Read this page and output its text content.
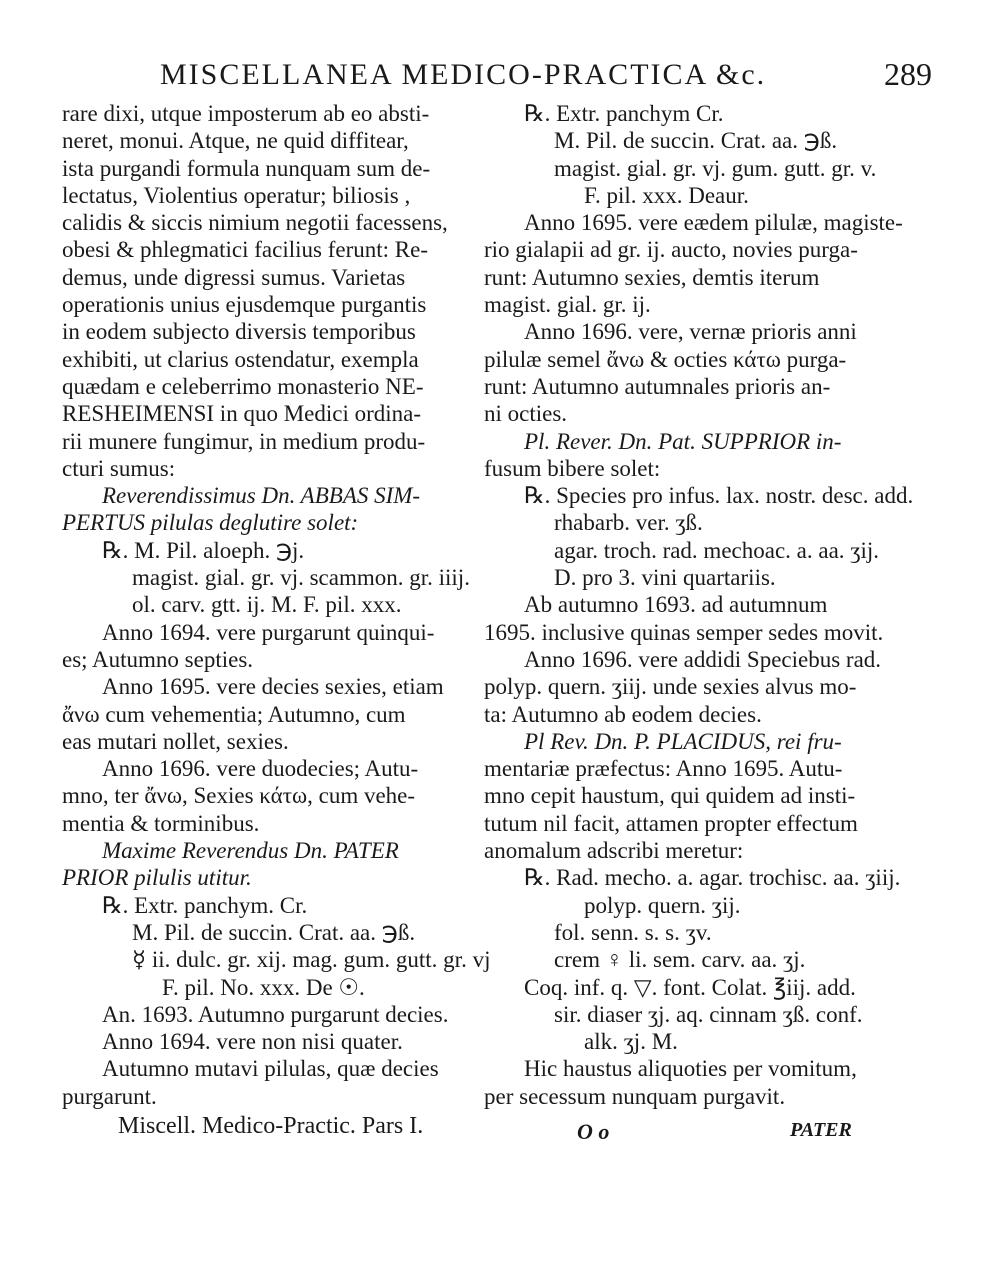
MISCELLANEA MEDICO-PRACTICA &c.	289
rare dixi, utque imposterum ab eo absti-
neret, monui. Atque, ne quid diffitear,
ista purgandi formula nunquam sum de-
lectatus, Violentius operatur; biliosis ,
calidis & siccis nimium negotii facessens,
obesi & phlegmatici facilius ferunt: Re-
demus, unde digressi sumus. Varietas
operationis unius ejusdemque purgantis
in eodem subjecto diversis temporibus
exhibiti, ut clarius ostendatur, exempla
quædam e celeberrimo monasterio NE-
RESHEIMENSI in quo Medici ordina-
rii munere fungimur, in medium produ-
cturi sumus:
Reverendissimus Dn. ABBAS SIM-
PERTUS pilulas deglutire solet:
℞. M. Pil. aloeph. ℈j.
magist. gial. gr. vj. scammon. gr. iiij.
ol. carv. gtt. ij. M. F. pil. xxx.
Anno 1694. vere purgarunt quinqui-
es; Autumno septies.
Anno 1695. vere decies sexies, etiam
ἄνω cum vehementia; Autumno, cum
eas mutari nollet, sexies.
Anno 1696. vere duodecies; Autu-
mno, ter ἄνω, Sexies κάτω, cum vehe-
mentia & torminibus.
Maxime Reverendus Dn. PATER
PRIOR pilulis utitur.
℞. Extr. panchym. Cr.
M. Pil. de succin. Crat. aa. ℈ß.
☿ ii. dulc. gr. xij. mag. gum. gutt. gr. vj
F. pil. No. xxx. De ☉.
An. 1693. Autumno purgarunt decies.
Anno 1694. vere non nisi quater.
Autumno mutavi pilulas, quæ decies
purgarunt.
℞. Extr. panchym Cr.
M. Pil. de succin. Crat. aa. ℈ß.
magist. gial. gr. vj. gum. gutt. gr. v.
F. pil. xxx. Deaur.
Anno 1695. vere eædem pilulæ, magiste-
rio gialapii ad gr. ij. aucto, novies purga-
runt: Autumno sexies, demtis iterum
magist. gial. gr. ij.
Anno 1696. vere, vernæ prioris anni
pilulæ semel ἄνω & octies κάτω purga-
runt: Autumno autumnales prioris an-
ni octies.
Pl. Rever. Dn. Pat. SUPPRIOR in-
fusum bibere solet:
℞. Species pro infus. lax. nostr. desc. add.
rhabarb. ver. ʒß.
agar. troch. rad. mechoac. a. aa. ʒij.
D. pro 3. vini quartariis.
Ab autumno 1693. ad autumnum
1695. inclusive quinas semper sedes movit.
Anno 1696. vere addidi Speciebus rad.
polyp. quern. ʒiij. unde sexies alvus mo-
ta: Autumno ab eodem decies.
Pl Rev. Dn. P. PLACIDUS, rei fru-
mentariæ præfectus: Anno 1695. Autu-
mno cepit haustum, qui quidem ad insti-
tutum nil facit, attamen propter effectum
anomalum adscribi meretur:
℞. Rad. mecho. a. agar. trochisc. aa. ʒiij.
polyp. quern. ʒij.
fol. senn. s. s. ʒv.
crem ♀ li. sem. carv. aa. ʒj.
Coq. inf. q. ▽. font. Colat. ℥iij. add.
sir. diaser ʒj. aq. cinnam ʒß. conf.
alk. ʒj. M.
Hic haustus aliquoties per vomitum,
per secessum nunquam purgavit.
Miscell. Medico-Practic. Pars I.	O o	PATER
